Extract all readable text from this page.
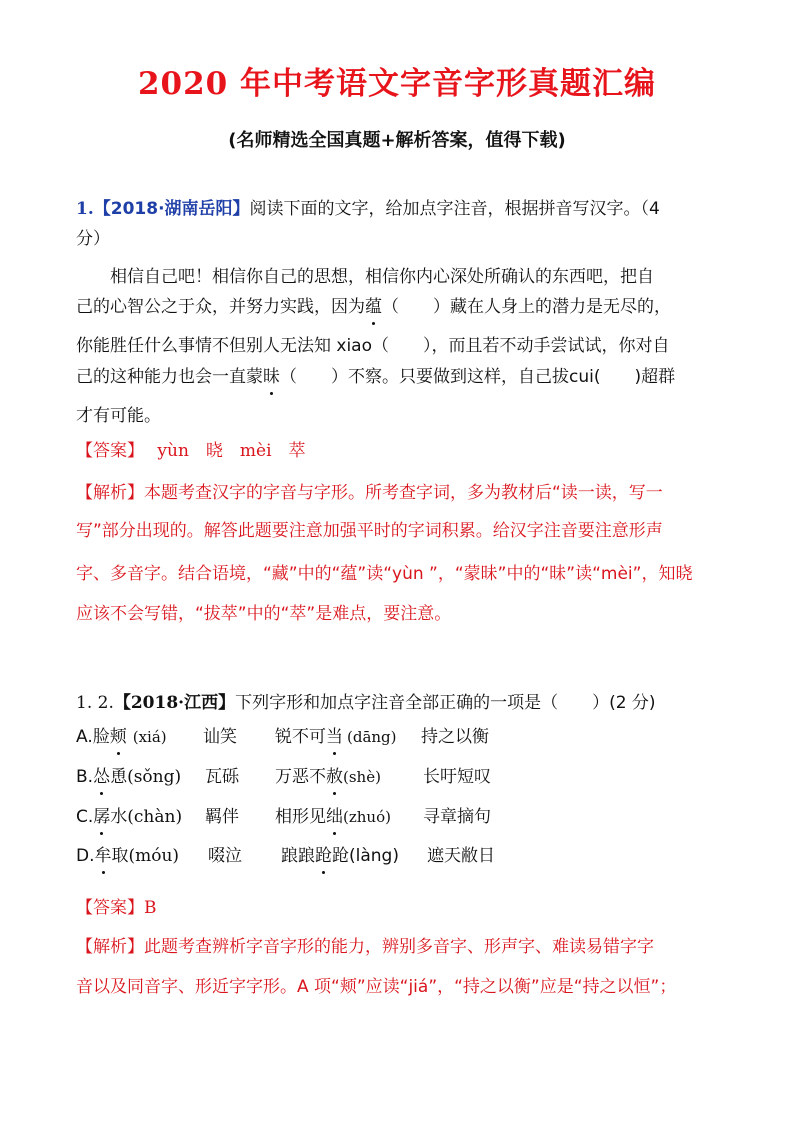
2020 年中考语文字音字形真题汇编
(名师精选全国真题+解析答案，值得下载)
1.【2018·湖南岳阳】阅读下面的文字，给加点字注音，根据拼音写汉字。（4
分）
相信自己吧！相信你自己的思想，相信你内心深处所确认的东西吧，把自
己的心智公之于众，并努力实践，因为蕴（　　）藏在人身上的潜力是无尽的，
你能胜任什么事情不但别人无法知 xiao（　　），而且若不动手尝试试，你对自
己的这种能力也会一直蒙昧（　　）不察。只要做到这样，自己拔cui(　　)超群
才有可能。
【答案】 yùn　晓　mèi　萃
【解析】本题考查汉字的字音与字形。所考查字词，多为教材后“读一读，写一
写”部分出现的。解答此题要注意加强平时的字词积累。给汉字注音要注意形声
字、多音字。结合语境，“藏”中的“蕴”读“yùn ”，“蒙昧”中的“昧”读“mèi”，知晓
应该不会写错，“拔萃”中的“萃”是难点，要注意。
1. 2.【2018·江西】下列字形和加点字注音全部正确的一项是（　　）(2 分)
A.脸颊 (xiá) 讪笑 锐不可当 (dāng) 持之以衡
B.怂恿(sǒng) 瓦砾 万恶不赦(shè) 长吁短叹
C.孱水(chàn) 羁伴 相形见绌(zhuó) 寻章摘句
D.牟取(móu) 啜泣 踉踉跄跄(làng) 遮天敝日
【答案】B
【解析】此题考查辨析字音字形的能力，辨别多音字、形声字、难读易错字字
音以及同音字、形近字字形。A 项“颊”应读“jiá”，“持之以衡”应是“持之以恒”；
